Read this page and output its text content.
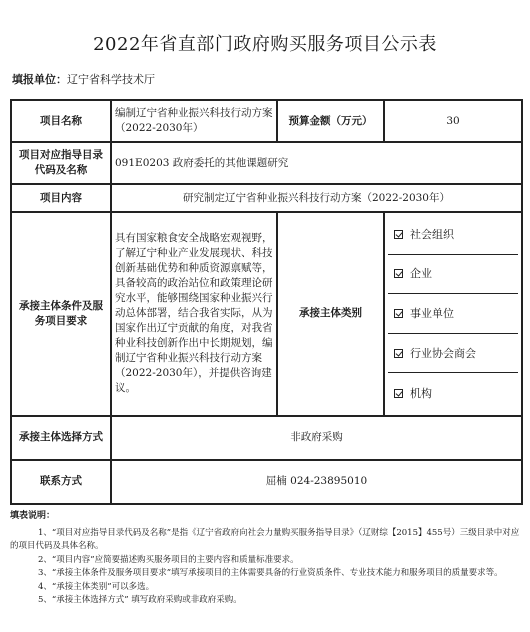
2022年省直部门政府购买服务项目公示表
填报单位：辽宁省科学技术厅
项目名称	编制辽宁省种业振兴科技行动方案（2022-2030年）	预算金额（万元）	30
项目对应指导目录代码及名称	091E0203 政府委托的其他课题研究		
项目内容	研究制定辽宁省种业振兴科技行动方案（2022-2030年）		
承接主体条件及服务项目要求	具有国家粮食安全战略宏观视野，了解辽宁种业产业发展现状、科技创新基础优势和种质资源禀赋等，具备较高的政治站位和政策理论研究水平，能够围绕国家种业振兴行动总体部署，结合我省实际，从为国家作出辽宁贡献的角度，对我省种业科技创新作出中长期规划，编制辽宁省种业振兴科技行动方案（2022-2030年），并提供咨询建议。	承接主体类别	社会组织
企业
事业单位
行业协会商会
机构

承接主体选择方式	非政府采购		
联系方式	屈楠 024-23895010		
填表说明：

1、“项目对应指导目录代码及名称”是指《辽宁省政府向社会力量购买服务指导目录》（辽财综【2015】455号）三级目录中对应的项目代码及具体名称。

2、“项目内容”应简要描述购买服务项目的主要内容和质量标准要求。

3、“承接主体条件及服务项目要求”填写承接项目的主体需要具备的行业资质条件、专业技术能力和服务项目的质量要求等。

4、“承接主体类别”可以多选。

5、“承接主体选择方式” 填写政府采购或非政府采购。
